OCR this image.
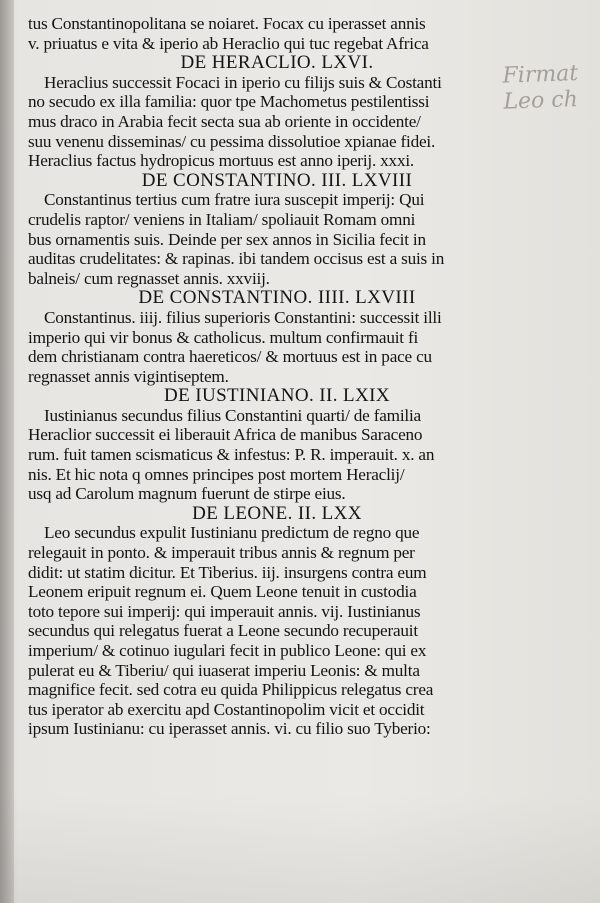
Firmat
Leo ch
tus Constantinopolitana se noiaret. Focax cu iperasset annis
v. priuatus e vita & iperio ab Heraclio qui tuc regebat Africa
DE HERACLIO. LXVI.
Heraclius successit Focaci in iperio cu filijs suis & Costanti
no secudo ex illa familia: quor tpe Machometus pestilentissi
mus draco in Arabia fecit secta sua ab oriente in occidente/
suu venenu disseminas/ cu pessima dissolutioe xpianae fidei.
Heraclius factus hydropicus mortuus est anno iperij. xxxi.
DE CONSTANTINO. III. LXVIII
Constantinus tertius cum fratre iura suscepit imperij: Qui
crudelis raptor/ veniens in Italiam/ spoliauit Romam omni
bus ornamentis suis. Deinde per sex annos in Sicilia fecit in
auditas crudelitates: & rapinas. ibi tandem occisus est a suis in
balneis/ cum regnasset annis. xxviij.
DE CONSTANTINO. IIII. LXVIII
Constantinus. iiij. filius superioris Constantini: successit illi
imperio qui vir bonus & catholicus. multum confirmauit fi
dem christianam contra haereticos/ & mortuus est in pace cu
regnasset annis vigintiseptem.
DE IUSTINIANO. II. LXIX
Iustinianus secundus filius Constantini quarti/ de familia
Heraclior successit ei liberauit Africa de manibus Saraceno
rum. fuit tamen scismaticus & infestus: P. R. imperauit. x. an
nis. Et hic nota q omnes principes post mortem Heraclij/
usq ad Carolum magnum fuerunt de stirpe eius.
DE LEONE. II. LXX
Leo secundus expulit Iustinianu predictum de regno que
relegauit in ponto. & imperauit tribus annis & regnum per
didit: ut statim dicitur. Et Tiberius. iij. insurgens contra eum
Leonem eripuit regnum ei. Quem Leone tenuit in custodia
toto tepore sui imperij: qui imperauit annis. vij. Iustinianus
secundus qui relegatus fuerat a Leone secundo recuperauit
imperium/ & cotinuo iugulari fecit in publico Leone: qui ex
pulerat eu & Tiberiu/ qui iuaserat imperiu Leonis: & multa
magnifice fecit. sed cotra eu quida Philippicus relegatus crea
tus iperator ab exercitu apd Costantinopolim vicit et occidit
ipsum Iustinianu: cu iperasset annis. vi. cu filio suo Tyberio:
